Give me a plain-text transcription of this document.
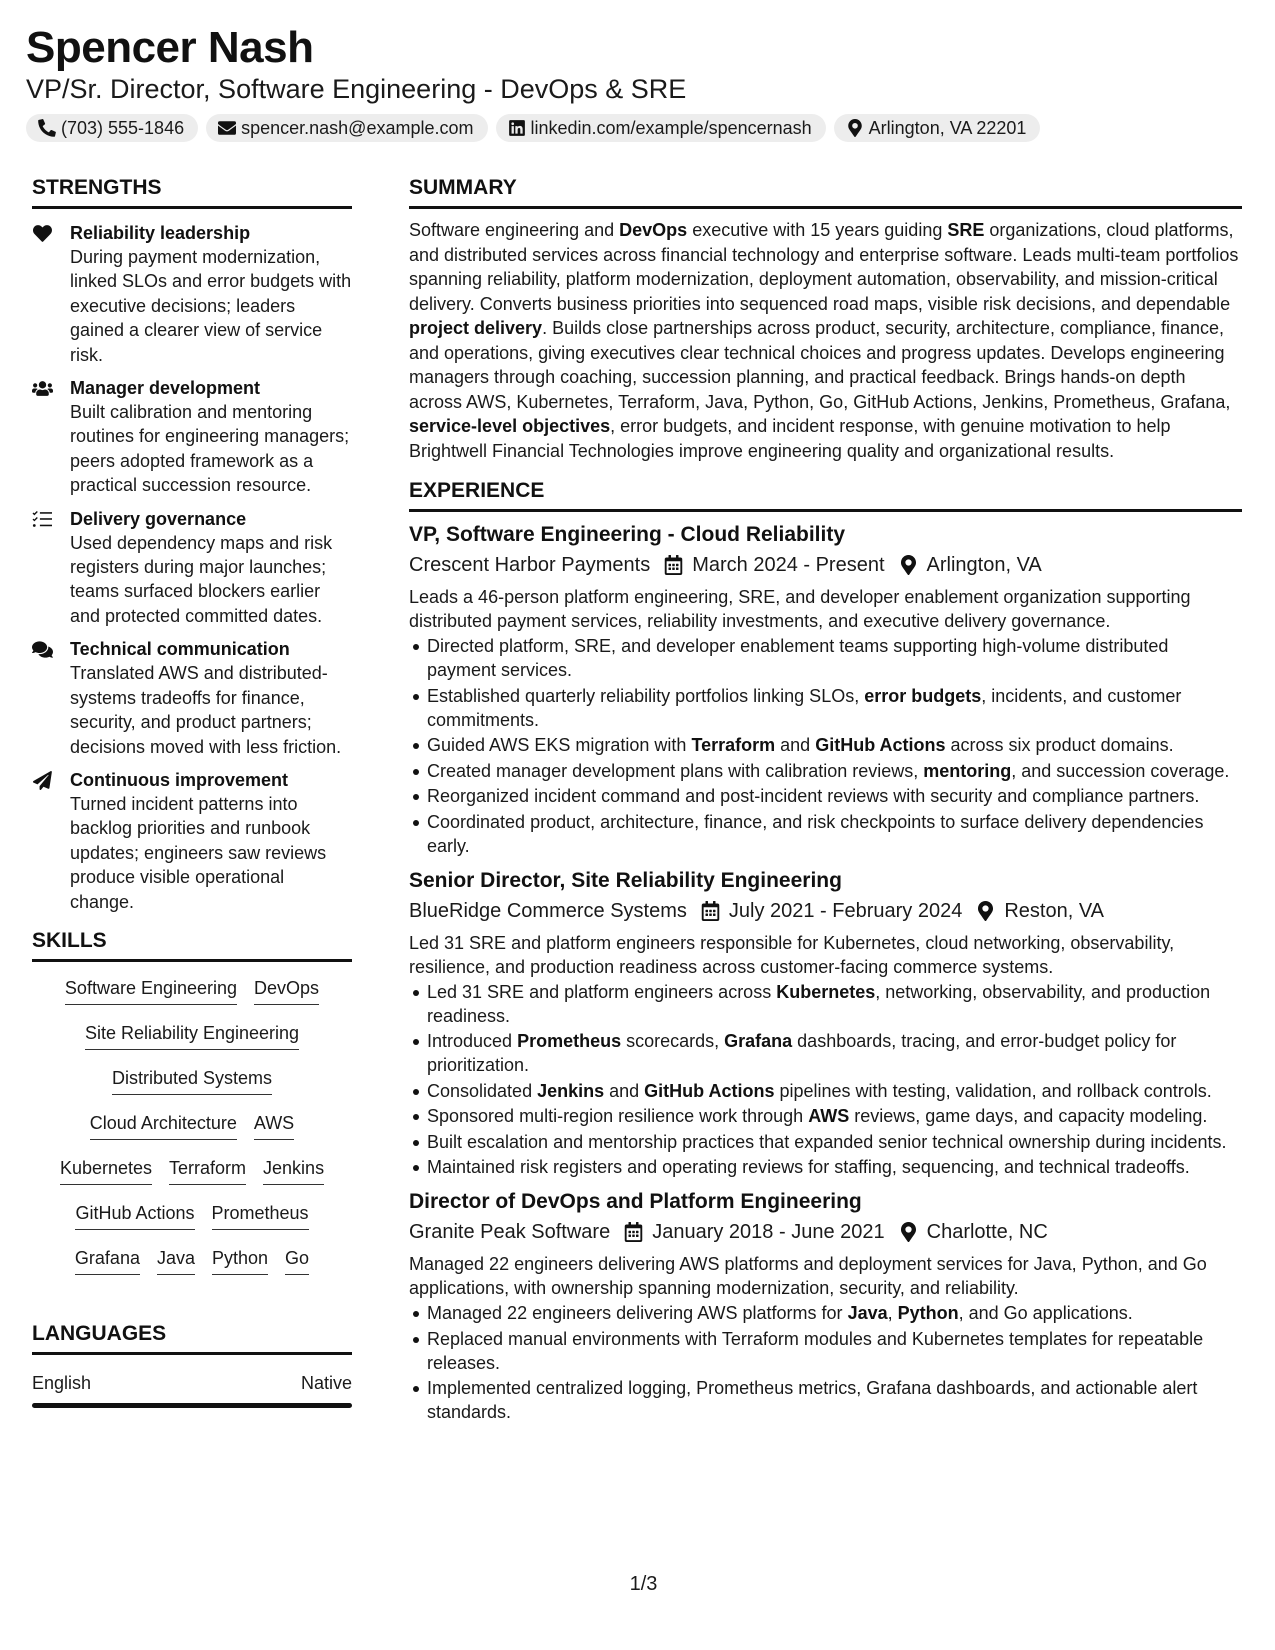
Spencer Nash
VP/Sr. Director, Software Engineering - DevOps & SRE
(703) 555-1846	spencer.nash@example.com	linkedin.com/example/spencernash	Arlington, VA 22201
STRENGTHS
Reliability leadership
During payment modernization, linked SLOs and error budgets with executive decisions; leaders gained a clearer view of service risk.
Manager development
Built calibration and mentoring routines for engineering managers; peers adopted framework as a practical succession resource.
Delivery governance
Used dependency maps and risk registers during major launches; teams surfaced blockers earlier and protected committed dates.
Technical communication
Translated AWS and distributed-systems tradeoffs for finance, security, and product partners; decisions moved with less friction.
Continuous improvement
Turned incident patterns into backlog priorities and runbook updates; engineers saw reviews produce visible operational change.
SKILLS
Software Engineering DevOps
Site Reliability Engineering
Distributed Systems
Cloud Architecture AWS
Kubernetes Terraform Jenkins
GitHub Actions Prometheus
Grafana Java Python Go
LANGUAGES
English	Native
SUMMARY
Software engineering and DevOps executive with 15 years guiding SRE organizations, cloud platforms, and distributed services across financial technology and enterprise software. Leads multi-team portfolios spanning reliability, platform modernization, deployment automation, observability, and mission-critical delivery. Converts business priorities into sequenced road maps, visible risk decisions, and dependable project delivery. Builds close partnerships across product, security, architecture, compliance, finance, and operations, giving executives clear technical choices and progress updates. Develops engineering managers through coaching, succession planning, and practical feedback. Brings hands-on depth across AWS, Kubernetes, Terraform, Java, Python, Go, GitHub Actions, Jenkins, Prometheus, Grafana, service-level objectives, error budgets, and incident response, with genuine motivation to help Brightwell Financial Technologies improve engineering quality and organizational results.
EXPERIENCE
VP, Software Engineering - Cloud Reliability
Crescent Harbor Payments March 2024 - Present Arlington, VA
Leads a 46-person platform engineering, SRE, and developer enablement organization supporting distributed payment services, reliability investments, and executive delivery governance.
Directed platform, SRE, and developer enablement teams supporting high-volume distributed payment services.
Established quarterly reliability portfolios linking SLOs, error budgets, incidents, and customer commitments.
Guided AWS EKS migration with Terraform and GitHub Actions across six product domains.
Created manager development plans with calibration reviews, mentoring, and succession coverage.
Reorganized incident command and post-incident reviews with security and compliance partners.
Coordinated product, architecture, finance, and risk checkpoints to surface delivery dependencies early.
Senior Director, Site Reliability Engineering
BlueRidge Commerce Systems July 2021 - February 2024 Reston, VA
Led 31 SRE and platform engineers responsible for Kubernetes, cloud networking, observability, resilience, and production readiness across customer-facing commerce systems.
Led 31 SRE and platform engineers across Kubernetes, networking, observability, and production readiness.
Introduced Prometheus scorecards, Grafana dashboards, tracing, and error-budget policy for prioritization.
Consolidated Jenkins and GitHub Actions pipelines with testing, validation, and rollback controls.
Sponsored multi-region resilience work through AWS reviews, game days, and capacity modeling.
Built escalation and mentorship practices that expanded senior technical ownership during incidents.
Maintained risk registers and operating reviews for staffing, sequencing, and technical tradeoffs.
Director of DevOps and Platform Engineering
Granite Peak Software January 2018 - June 2021 Charlotte, NC
Managed 22 engineers delivering AWS platforms and deployment services for Java, Python, and Go applications, with ownership spanning modernization, security, and reliability.
Managed 22 engineers delivering AWS platforms for Java, Python, and Go applications.
Replaced manual environments with Terraform modules and Kubernetes templates for repeatable releases.
Implemented centralized logging, Prometheus metrics, Grafana dashboards, and actionable alert standards.
1/3
